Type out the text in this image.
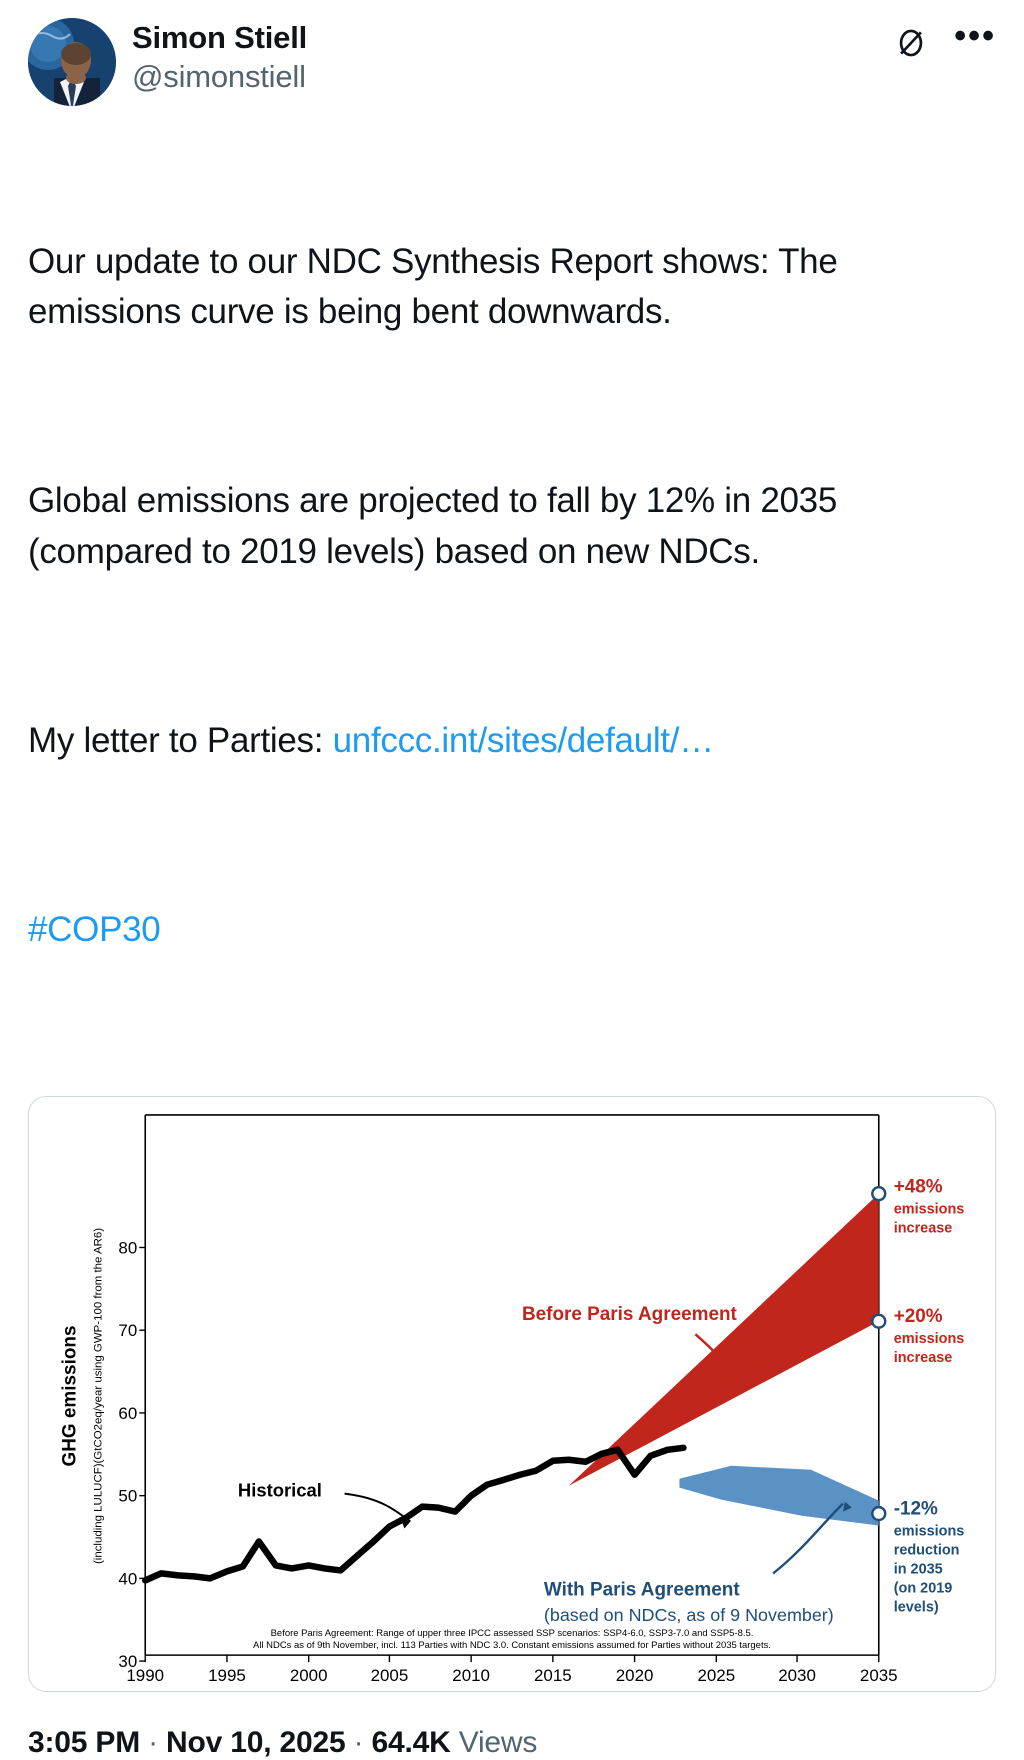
Simon Stiell
@simonstiell
•••

Our update to our NDC Synthesis Report shows: The emissions curve is being bent downwards.

Global emissions are projected to fall by 12% in 2035 (compared to 2019 levels) based on new NDCs.

My letter to Parties: unfccc.int/sites/default/…

#COP30

GHG emissions (including LULUCF)(GtCO2eq/year using GWP-100 from the AR6)
30
40
50
60
70
80
1990	1995	2000	2005	2010	2015	2020	2025	2030	2035
Historical
Before Paris Agreement
With Paris Agreement
(based on NDCs, as of 9 November)
+48%
emissions
increase
+20%
emissions
increase
-12%
emissions
reduction
in 2035
(on 2019
levels)
Before Paris Agreement: Range of upper three IPCC assessed SSP scenarios: SSP4-6.0, SSP3-7.0 and SSP5-8.5.
All NDCs as of 9th November, incl. 113 Parties with NDC 3.0. Constant emissions assumed for Parties without 2035 targets.
3:05 PM · Nov 10, 2025 · 64.4K Views
